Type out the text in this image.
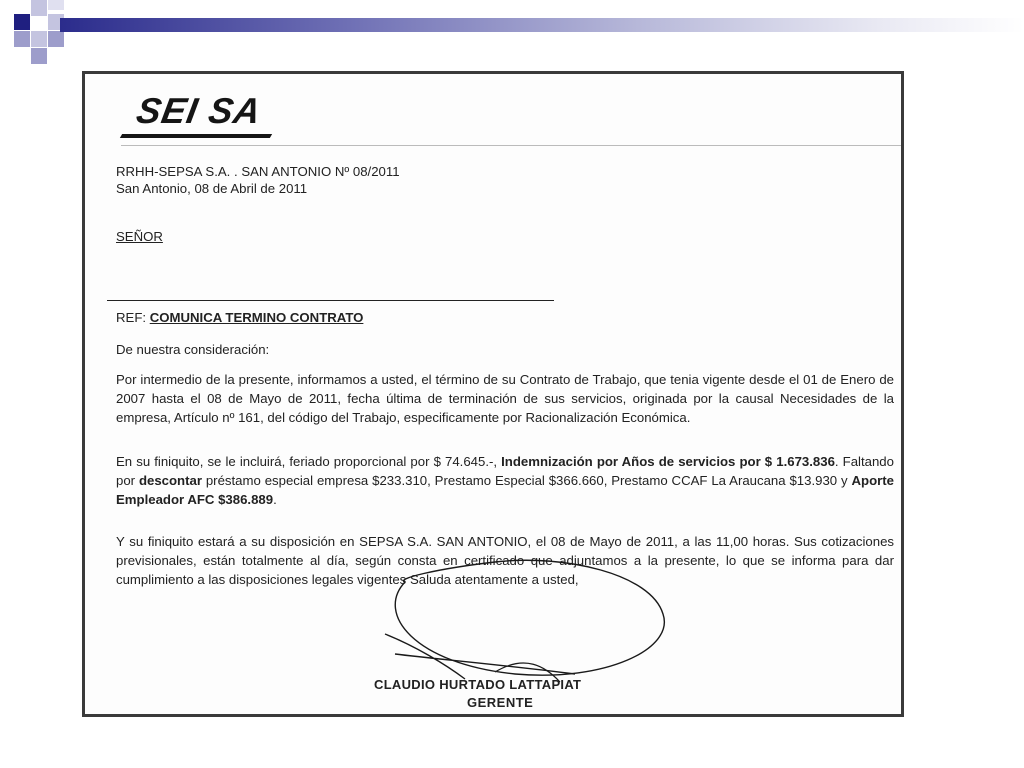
SEI SA
RRHH-SEPSA S.A. . SAN ANTONIO Nº 08/2011
San Antonio, 08 de Abril de 2011
SEÑOR
REF: COMUNICA TERMINO CONTRATO
De nuestra consideración:
Por intermedio de la presente, informamos a usted, el término de su Contrato de Trabajo, que tenia vigente desde el 01 de Enero de 2007 hasta el 08 de Mayo de 2011, fecha última de terminación de sus servicios, originada por la causal Necesidades de la empresa, Artículo nº 161, del código del Trabajo, especificamente por Racionalización Económica.
En su finiquito, se le incluirá, feriado proporcional por $ 74.645.-, Indemnización por Años de servicios por $ 1.673.836. Faltando por descontar préstamo especial empresa $233.310, Prestamo Especial $366.660, Prestamo CCAF La Araucana $13.930 y Aporte Empleador AFC $386.889.
Y su finiquito estará a su disposición en SEPSA S.A. SAN ANTONIO, el 08 de Mayo de 2011, a las 11,00 horas. Sus cotizaciones previsionales, están totalmente al día, según consta en certificado que adjuntamos a la presente, lo que se informa para dar cumplimiento a las disposiciones legales vigentes Saluda atentamente a usted,
CLAUDIO HURTADO LATTAPIAT
GERENTE
